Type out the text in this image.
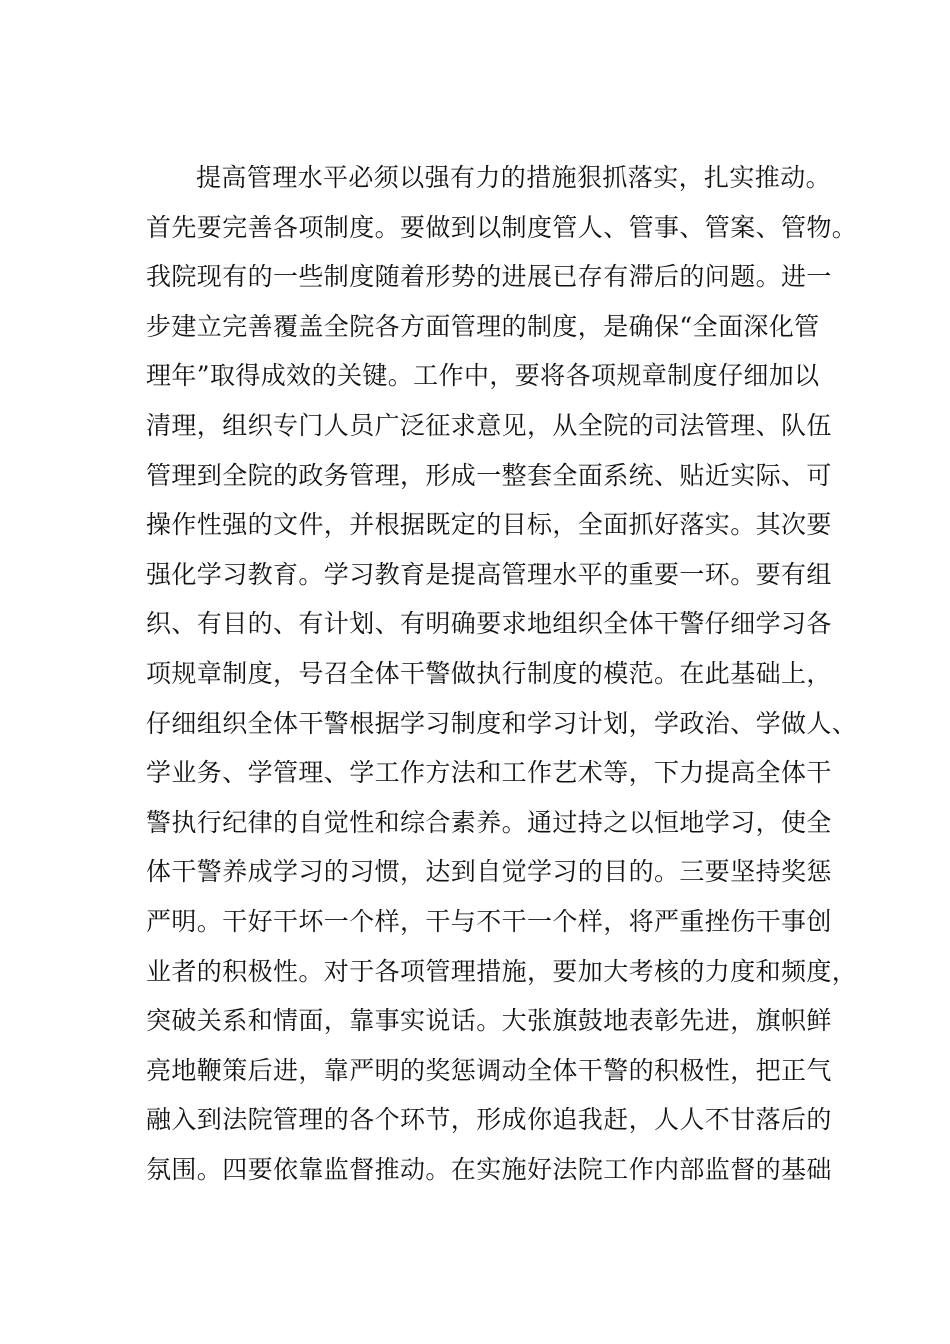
提高管理水平必须以强有力的措施狠抓落实，扎实推动。
首先要完善各项制度。要做到以制度管人、管事、管案、管物。
我院现有的一些制度随着形势的进展已存有滞后的问题。进一
步建立完善覆盖全院各方面管理的制度，是确保“全面深化管
理年”取得成效的关键。工作中，要将各项规章制度仔细加以
清理，组织专门人员广泛征求意见，从全院的司法管理、队伍
管理到全院的政务管理，形成一整套全面系统、贴近实际、可
操作性强的文件，并根据既定的目标，全面抓好落实。其次要
强化学习教育。学习教育是提高管理水平的重要一环。要有组
织、有目的、有计划、有明确要求地组织全体干警仔细学习各
项规章制度，号召全体干警做执行制度的模范。在此基础上，
仔细组织全体干警根据学习制度和学习计划，学政治、学做人、
学业务、学管理、学工作方法和工作艺术等，下力提高全体干
警执行纪律的自觉性和综合素养。通过持之以恒地学习，使全
体干警养成学习的习惯，达到自觉学习的目的。三要坚持奖惩
严明。干好干坏一个样，干与不干一个样，将严重挫伤干事创
业者的积极性。对于各项管理措施，要加大考核的力度和频度，
突破关系和情面，靠事实说话。大张旗鼓地表彰先进，旗帜鲜
亮地鞭策后进，靠严明的奖惩调动全体干警的积极性，把正气
融入到法院管理的各个环节，形成你追我赶，人人不甘落后的
氛围。四要依靠监督推动。在实施好法院工作内部监督的基础
